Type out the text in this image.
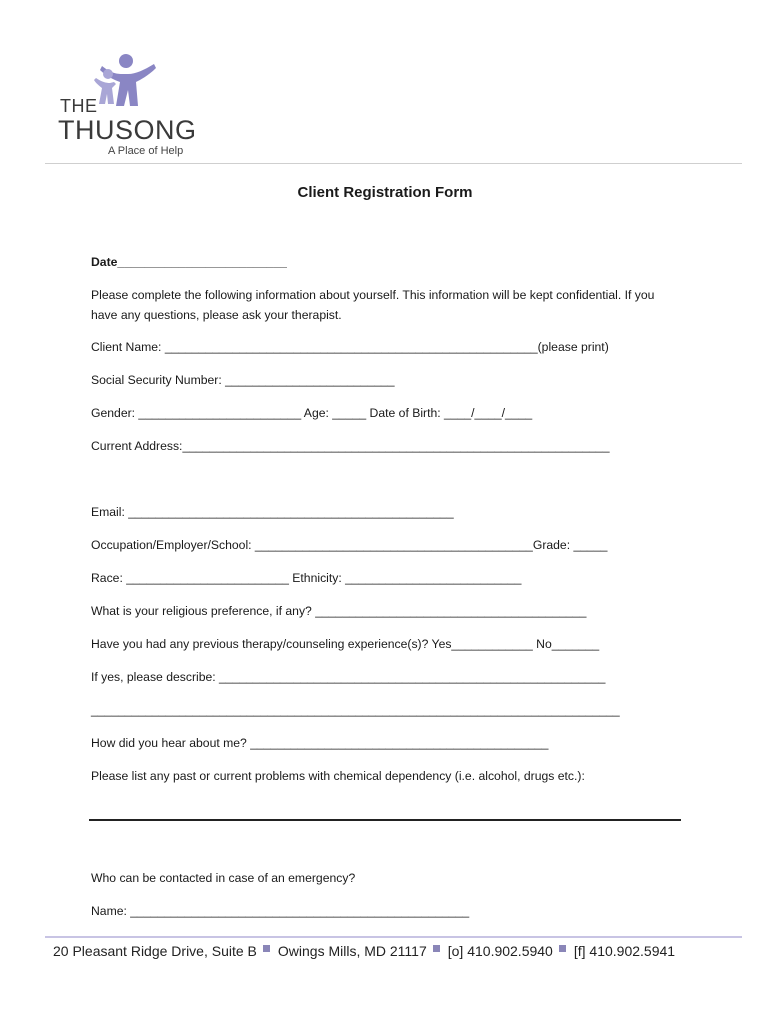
THE
THUSONG
A Place of Help
Client Registration Form
Date_________________________
Please complete the following information about yourself. This information will be kept confidential. If you have any questions, please ask your therapist.
Client Name: _______________________________________________________(please print)
Social Security Number: _________________________
Gender: ________________________ Age: _____ Date of Birth: ____/____/____
Current Address:_______________________________________________________________
Email: ________________________________________________
Occupation/Employer/School: _________________________________________Grade: _____
Race: ________________________ Ethnicity: __________________________
What is your religious preference, if any? ________________________________________
Have you had any previous therapy/counseling experience(s)? Yes____________ No_______
If yes, please describe: _________________________________________________________
______________________________________________________________________________
How did you hear about me? ____________________________________________
Please list any past or current problems with chemical dependency (i.e. alcohol, drugs etc.):
Who can be contacted in case of an emergency?
Name: __________________________________________________
20 Pleasant Ridge Drive, Suite B Owings Mills, MD 21117 [o] 410.902.5940 [f] 410.902.5941
